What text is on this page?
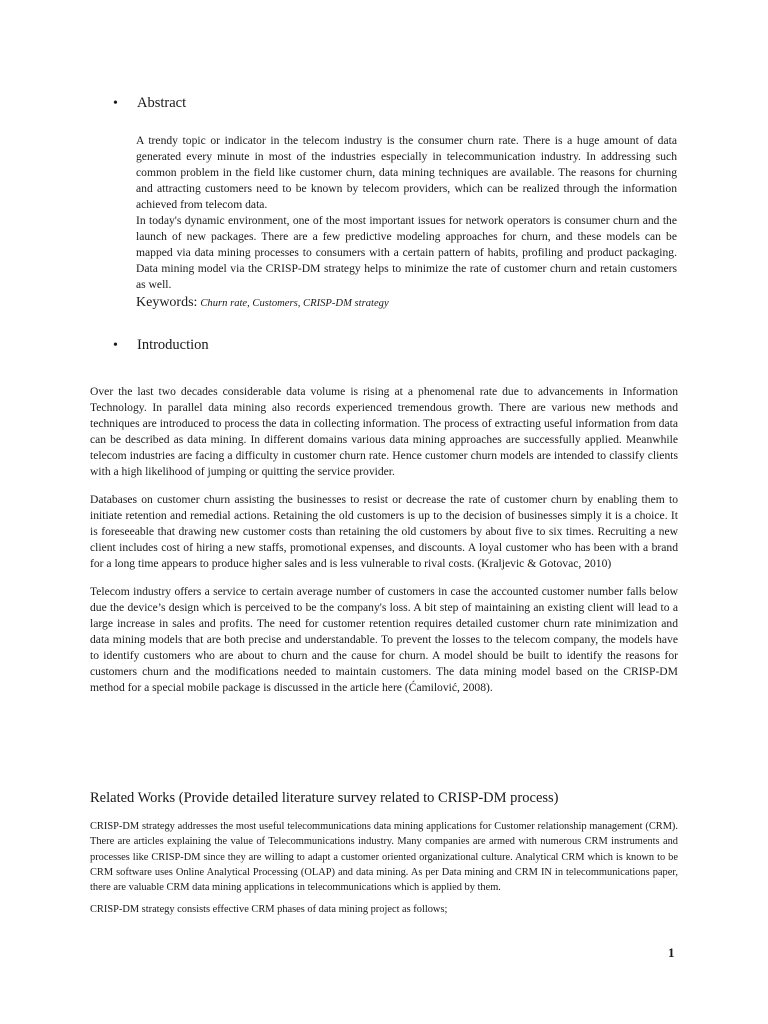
•	Abstract

A trendy topic or indicator in the telecom industry is the consumer churn rate. There is a huge amount of data generated every minute in most of the industries especially in telecommunication industry. In addressing such common problem in the field like customer churn, data mining techniques are available. The reasons for churning and attracting customers need to be known by telecom providers, which can be realized through the information achieved from telecom data.

In today's dynamic environment, one of the most important issues for network operators is consumer churn and the launch of new packages. There are a few predictive modeling approaches for churn, and these models can be mapped via data mining processes to consumers with a certain pattern of habits, profiling and product packaging. Data mining model via the CRISP-DM strategy helps to minimize the rate of customer churn and retain customers as well.

Keywords: Churn rate, Customers, CRISP-DM strategy

•	Introduction

Over the last two decades considerable data volume is rising at a phenomenal rate due to advancements in Information Technology. In parallel data mining also records experienced tremendous growth. There are various new methods and techniques are introduced to process the data in collecting information. The process of extracting useful information from data can be described as data mining. In different domains various data mining approaches are successfully applied. Meanwhile telecom industries are facing a difficulty in customer churn rate. Hence customer churn models are intended to classify clients with a high likelihood of jumping or quitting the service provider.

Databases on customer churn assisting the businesses to resist or decrease the rate of customer churn by enabling them to initiate retention and remedial actions. Retaining the old customers is up to the decision of businesses simply it is a choice. It is foreseeable that drawing new customer costs than retaining the old customers by about five to six times. Recruiting a new client includes cost of hiring a new staffs, promotional expenses, and discounts. A loyal customer who has been with a brand for a long time appears to produce higher sales and is less vulnerable to rival costs. (Kraljevic & Gotovac, 2010)

Telecom industry offers a service to certain average number of customers in case the accounted customer number falls below due the device’s design which is perceived to be the company's loss. A bit step of maintaining an existing client will lead to a large increase in sales and profits. The need for customer retention requires detailed customer churn rate minimization and data mining models that are both precise and understandable. To prevent the losses to the telecom company, the models have to identify customers who are about to churn and the cause for churn. A model should be built to identify the reasons for customers churn and the modifications needed to maintain customers. The data mining model based on the CRISP-DM method for a special mobile package is discussed in the article here (Ćamilović, 2008).

Related Works (Provide detailed literature survey related to CRISP-DM process)

CRISP-DM strategy addresses the most useful telecommunications data mining applications for Customer relationship management (CRM). There are articles explaining the value of Telecommunications industry. Many companies are armed with numerous CRM instruments and processes like CRISP-DM since they are willing to adapt a customer oriented organizational culture. Analytical CRM which is known to be CRM software uses Online Analytical Processing (OLAP) and data mining. As per Data mining and CRM IN in telecommunications paper, there are valuable CRM data mining applications in telecommunications which is applied by them.

CRISP-DM strategy consists effective CRM phases of data mining project as follows;

1
